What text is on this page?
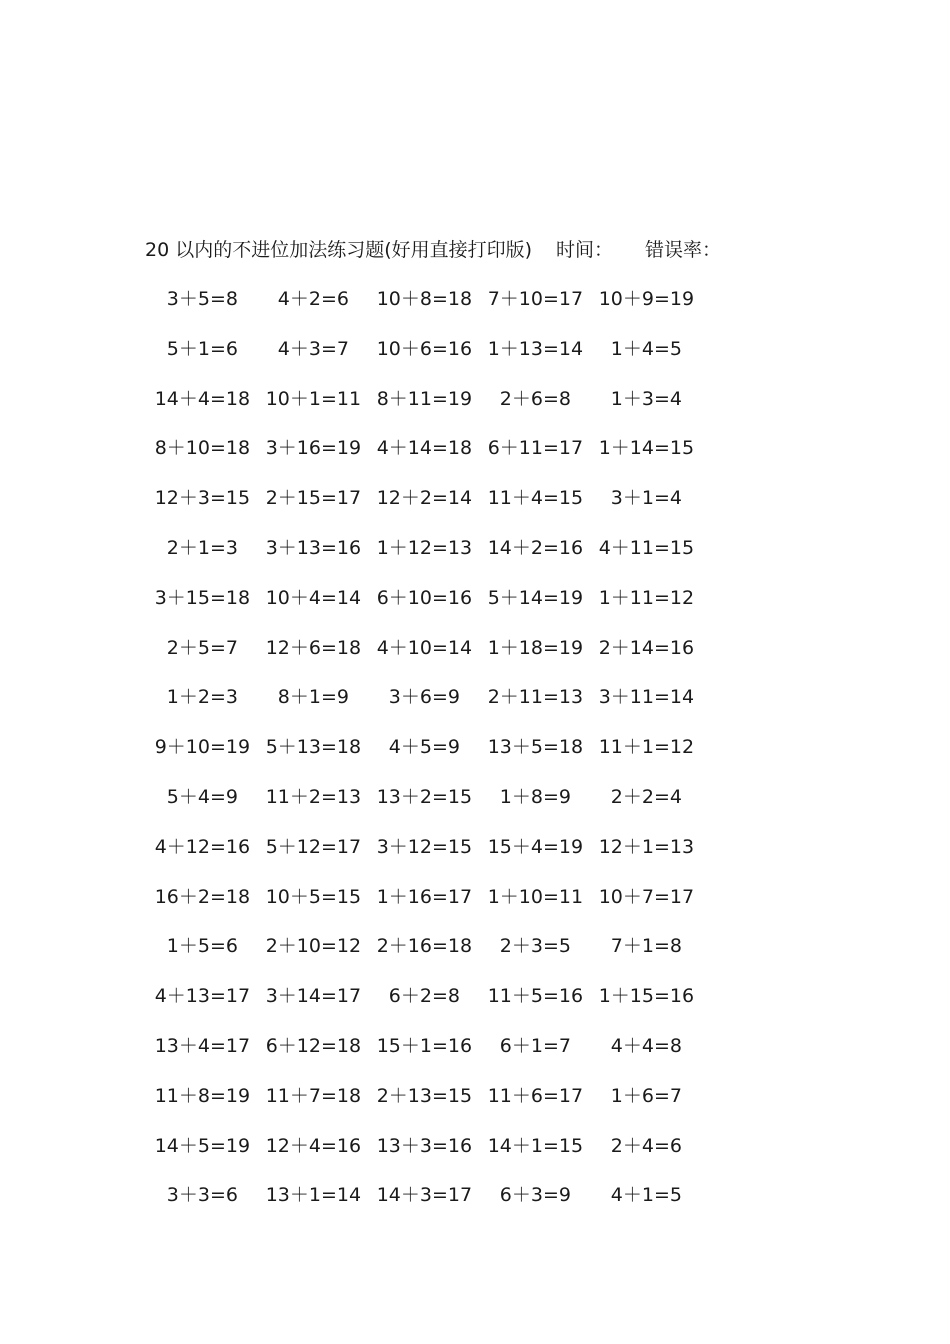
20 以内的不进位加法练习题(好用直接打印版) 时间： 错误率：
3＋5=8	4＋2=6	10＋8=18 7＋10=17 10＋9=19
5＋1=6	4＋3=7	10＋6=16 1＋13=14	1＋4=5
14＋4=18 10＋1=11 8＋11=19	2＋6=8	1＋3=4
8＋10=18 3＋16=19 4＋14=18 6＋11=17 1＋14=15
12＋3=15 2＋15=17 12＋2=14 11＋4=15	3＋1=4
2＋1=3	3＋13=16 1＋12=13 14＋2=16 4＋11=15
3＋15=18 10＋4=14 6＋10=16 5＋14=19 1＋11=12
2＋5=7	12＋6=18 4＋10=14 1＋18=19 2＋14=16
1＋2=3	8＋1=9	3＋6=9	2＋11=13 3＋11=14
9＋10=19 5＋13=18	4＋5=9	13＋5=18 11＋1=12
5＋4=9	11＋2=13 13＋2=15	1＋8=9	2＋2=4
4＋12=16 5＋12=17 3＋12=15 15＋4=19 12＋1=13
16＋2=18 10＋5=15 1＋16=17 1＋10=11 10＋7=17
1＋5=6	2＋10=12 2＋16=18	2＋3=5	7＋1=8
4＋13=17 3＋14=17	6＋2=8	11＋5=16 1＋15=16
13＋4=17 6＋12=18 15＋1=16	6＋1=7	4＋4=8
11＋8=19 11＋7=18 2＋13=15 11＋6=17	1＋6=7
14＋5=19 12＋4=16 13＋3=16 14＋1=15	2＋4=6
3＋3=6	13＋1=14 14＋3=17	6＋3=9	4＋1=5
